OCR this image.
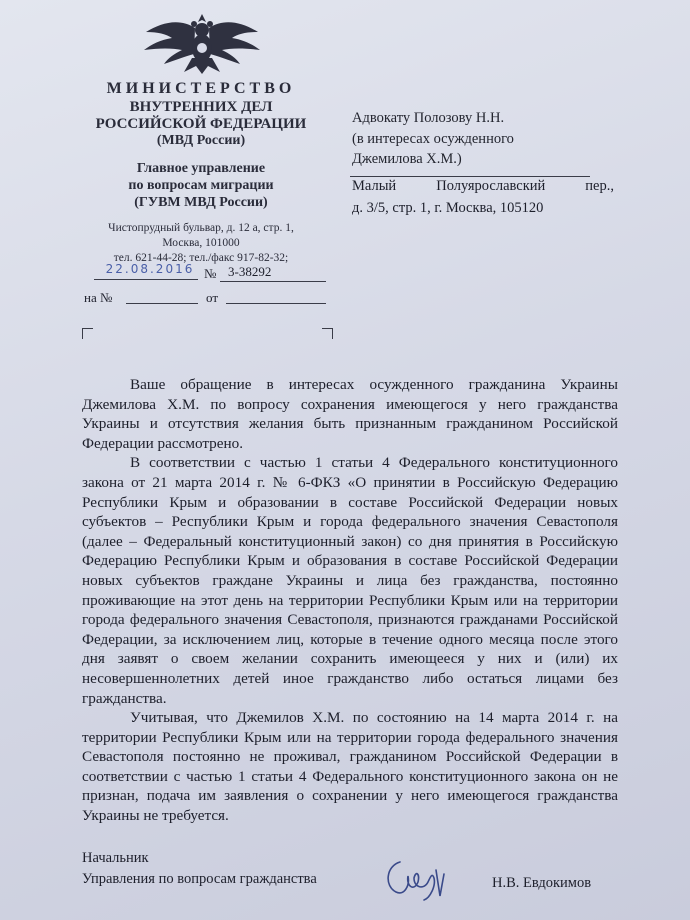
МИНИСТЕРСТВО
ВНУТРЕННИХ ДЕЛ
РОССИЙСКОЙ ФЕДЕРАЦИИ
(МВД России)
Главное управление
по вопросам миграции
(ГУВМ МВД России)
Чистопрудный бульвар, д. 12 а, стр. 1,
Москва, 101000
тел. 621-44-28; тел./факс 917-82-32;
22.08.2016 № 3-38292
на №	от
Адвокату Полозову Н.Н.
(в интересах осужденного
Джемилова Х.М.)
Малый Полуярославский пер.,
д. 3/5, стр. 1, г. Москва, 105120

Ваше обращение в интересах осужденного гражданина Украины Джемилова Х.М. по вопросу сохранения имеющегося у него гражданства Украины и отсутствия желания быть признанным гражданином Российской Федерации рассмотрено.

В соответствии с частью 1 статьи 4 Федерального конституционного закона от 21 марта 2014 г. № 6-ФКЗ «О принятии в Российскую Федерацию Республики Крым и образовании в составе Российской Федерации новых субъектов – Республики Крым и города федерального значения Севастополя (далее – Федеральный конституционный закон) со дня принятия в Российскую Федерацию Республики Крым и образования в составе Российской Федерации новых субъектов граждане Украины и лица без гражданства, постоянно проживающие на этот день на территории Республики Крым или на территории города федерального значения Севастополя, признаются гражданами Российской Федерации, за исключением лиц, которые в течение одного месяца после этого дня заявят о своем желании сохранить имеющееся у них и (или) их несовершеннолетних детей иное гражданство либо остаться лицами без гражданства.

Учитывая, что Джемилов Х.М. по состоянию на 14 марта 2014 г. на территории Республики Крым или на территории города федерального значения Севастополя постоянно не проживал, гражданином Российской Федерации в соответствии с частью 1 статьи 4 Федерального конституционного закона он не признан, подача им заявления о сохранении у него имеющегося гражданства Украины не требуется.

Начальник
Управления по вопросам гражданства	Н.В. Евдокимов
